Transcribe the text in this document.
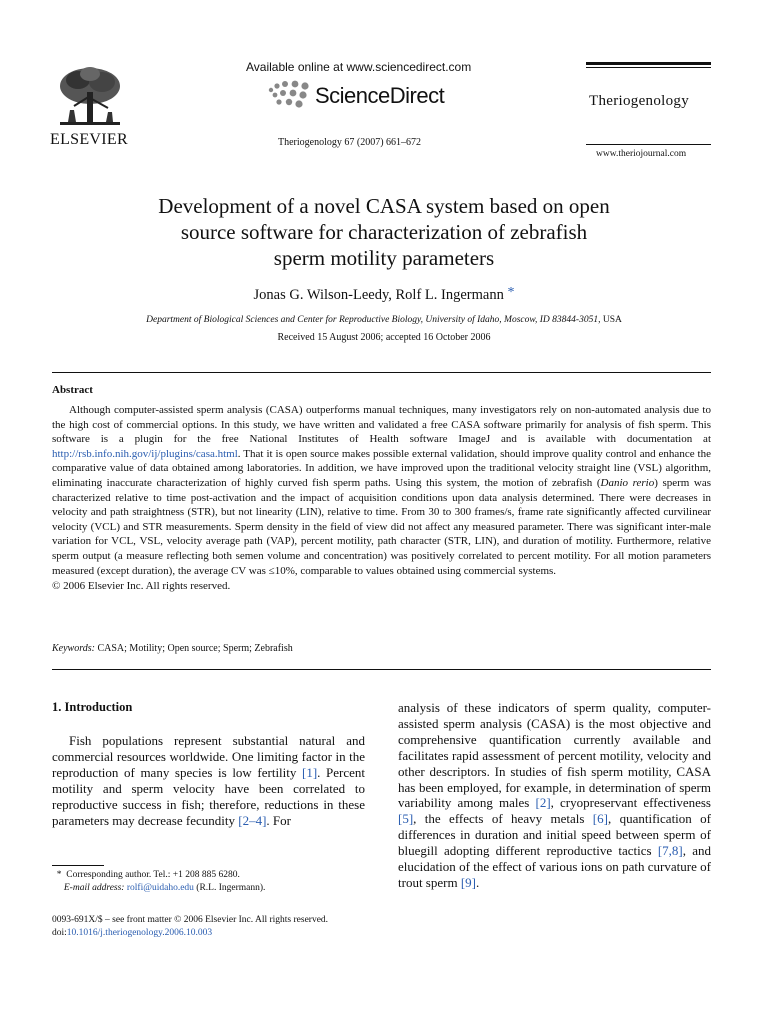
ELSEVIER
Available online at www.sciencedirect.com
ScienceDirect
Theriogenology 67 (2007) 661–672
Theriogenology
www.theriojournal.com
Development of a novel CASA system based on open
source software for characterization of zebrafish
sperm motility parameters
Jonas G. Wilson-Leedy, Rolf L. Ingermann *
Department of Biological Sciences and Center for Reproductive Biology, University of Idaho, Moscow, ID 83844-3051, USA
Received 15 August 2006; accepted 16 October 2006
Abstract

Although computer-assisted sperm analysis (CASA) outperforms manual techniques, many investigators rely on non-automated analysis due to the high cost of commercial options. In this study, we have written and validated a free CASA software primarily for analysis of fish sperm. This software is a plugin for the free National Institutes of Health software ImageJ and is available with documentation at http://rsb.info.nih.gov/ij/plugins/casa.html. That it is open source makes possible external validation, should improve quality control and enhance the comparative value of data obtained among laboratories. In addition, we have improved upon the traditional velocity straight line (VSL) algorithm, eliminating inaccurate characterization of highly curved fish sperm paths. Using this system, the motion of zebrafish (Danio rerio) sperm was characterized relative to time post-activation and the impact of acquisition conditions upon data analysis determined. There were decreases in velocity and path straightness (STR), but not linearity (LIN), relative to time. From 30 to 300 frames/s, frame rate significantly affected curvilinear velocity (VCL) and STR measurements. Sperm density in the field of view did not affect any measured parameter. There was significant inter-male variation for VCL, VSL, velocity average path (VAP), percent motility, path character (STR, LIN), and duration of motility. Furthermore, relative sperm output (a measure reflecting both semen volume and concentration) was positively correlated to percent motility. For all motion parameters measured (except duration), the average CV was ≤10%, comparable to values obtained using commercial systems.

© 2006 Elsevier Inc. All rights reserved.

Keywords: CASA; Motility; Open source; Sperm; Zebrafish
1. Introduction

Fish populations represent substantial natural and commercial resources worldwide. One limiting factor in the reproduction of many species is low fertility [1]. Percent motility and sperm velocity have been correlated to reproductive success in fish; therefore, reductions in these parameters may decrease fecundity [2–4]. For

analysis of these indicators of sperm quality, computer-assisted sperm analysis (CASA) is the most objective and comprehensive quantification currently available and facilitates rapid assessment of percent motility, velocity and other descriptors. In studies of fish sperm motility, CASA has been employed, for example, in determination of sperm variability among males [2], cryopreservant effectiveness [5], the effects of heavy metals [6], quantification of differences in duration and initial speed between sperm of bluegill adopting different reproductive tactics [7,8], and elucidation of the effect of various ions on path curvature of trout sperm [9].

* Corresponding author. Tel.: +1 208 885 6280.
E-mail address: rolfi@uidaho.edu (R.L. Ingermann).
0093-691X/$ – see front matter © 2006 Elsevier Inc. All rights reserved.
doi:10.1016/j.theriogenology.2006.10.003
